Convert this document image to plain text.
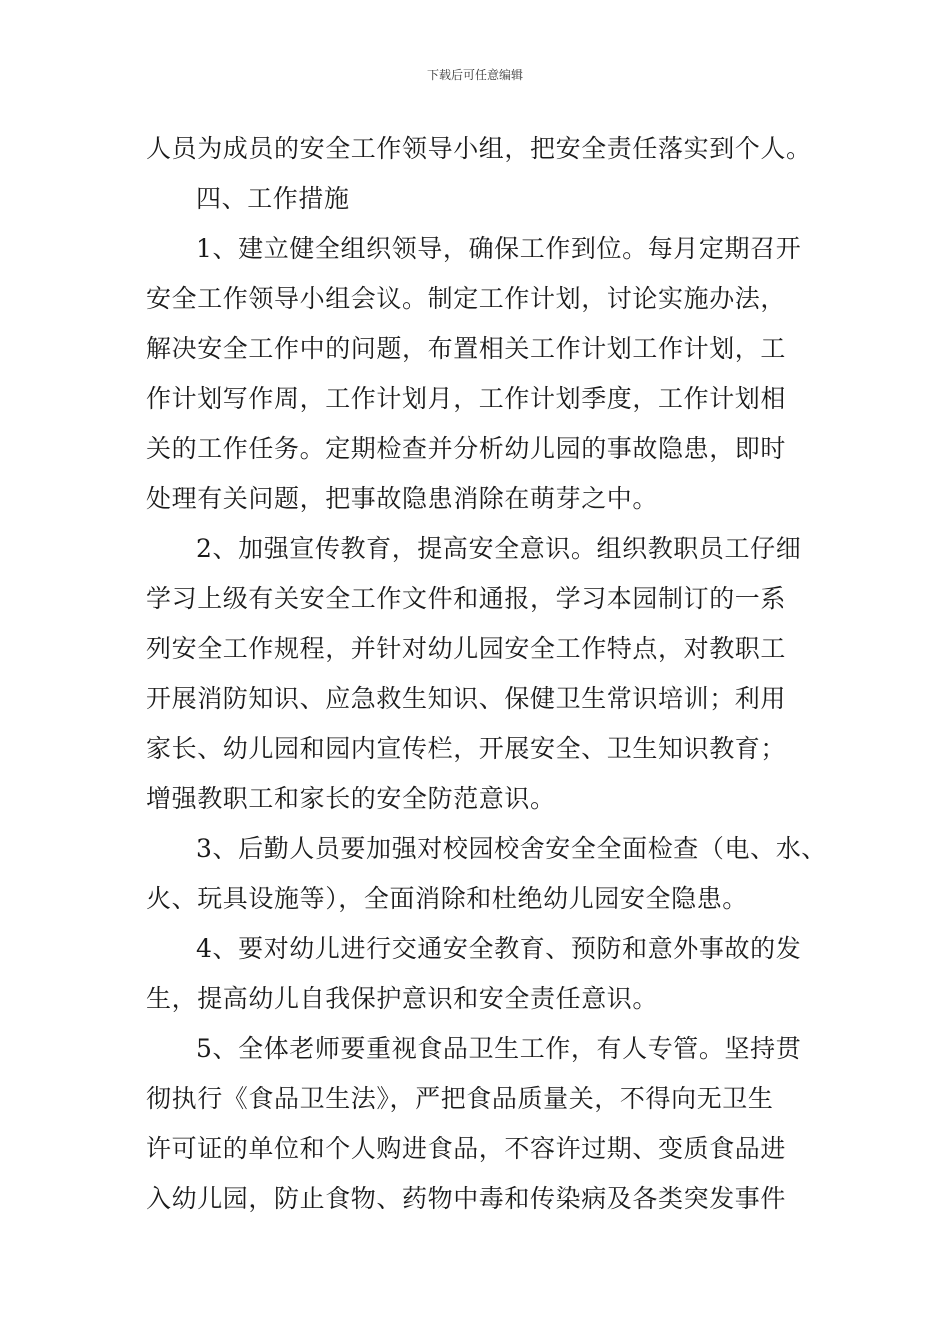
下载后可任意编辑
人员为成员的安全工作领导小组，把安全责任落实到个人。
四、工作措施
1、建立健全组织领导，确保工作到位。每月定期召开
安全工作领导小组会议。制定工作计划，讨论实施办法，
解决安全工作中的问题，布置相关工作计划工作计划，工
作计划写作周，工作计划月，工作计划季度，工作计划相
关的工作任务。定期检查并分析幼儿园的事故隐患，即时
处理有关问题，把事故隐患消除在萌芽之中。
2、加强宣传教育，提高安全意识。组织教职员工仔细
学习上级有关安全工作文件和通报，学习本园制订的一系
列安全工作规程，并针对幼儿园安全工作特点，对教职工
开展消防知识、应急救生知识、保健卫生常识培训；利用
家长、幼儿园和园内宣传栏，开展安全、卫生知识教育；
增强教职工和家长的安全防范意识。
3、后勤人员要加强对校园校舍安全全面检查（电、水、
火、玩具设施等），全面消除和杜绝幼儿园安全隐患。
4、要对幼儿进行交通安全教育、预防和意外事故的发
生，提高幼儿自我保护意识和安全责任意识。
5、全体老师要重视食品卫生工作，有人专管。坚持贯
彻执行《食品卫生法》，严把食品质量关，不得向无卫生
许可证的单位和个人购进食品，不容许过期、变质食品进
入幼儿园，防止食物、药物中毒和传染病及各类突发事件
